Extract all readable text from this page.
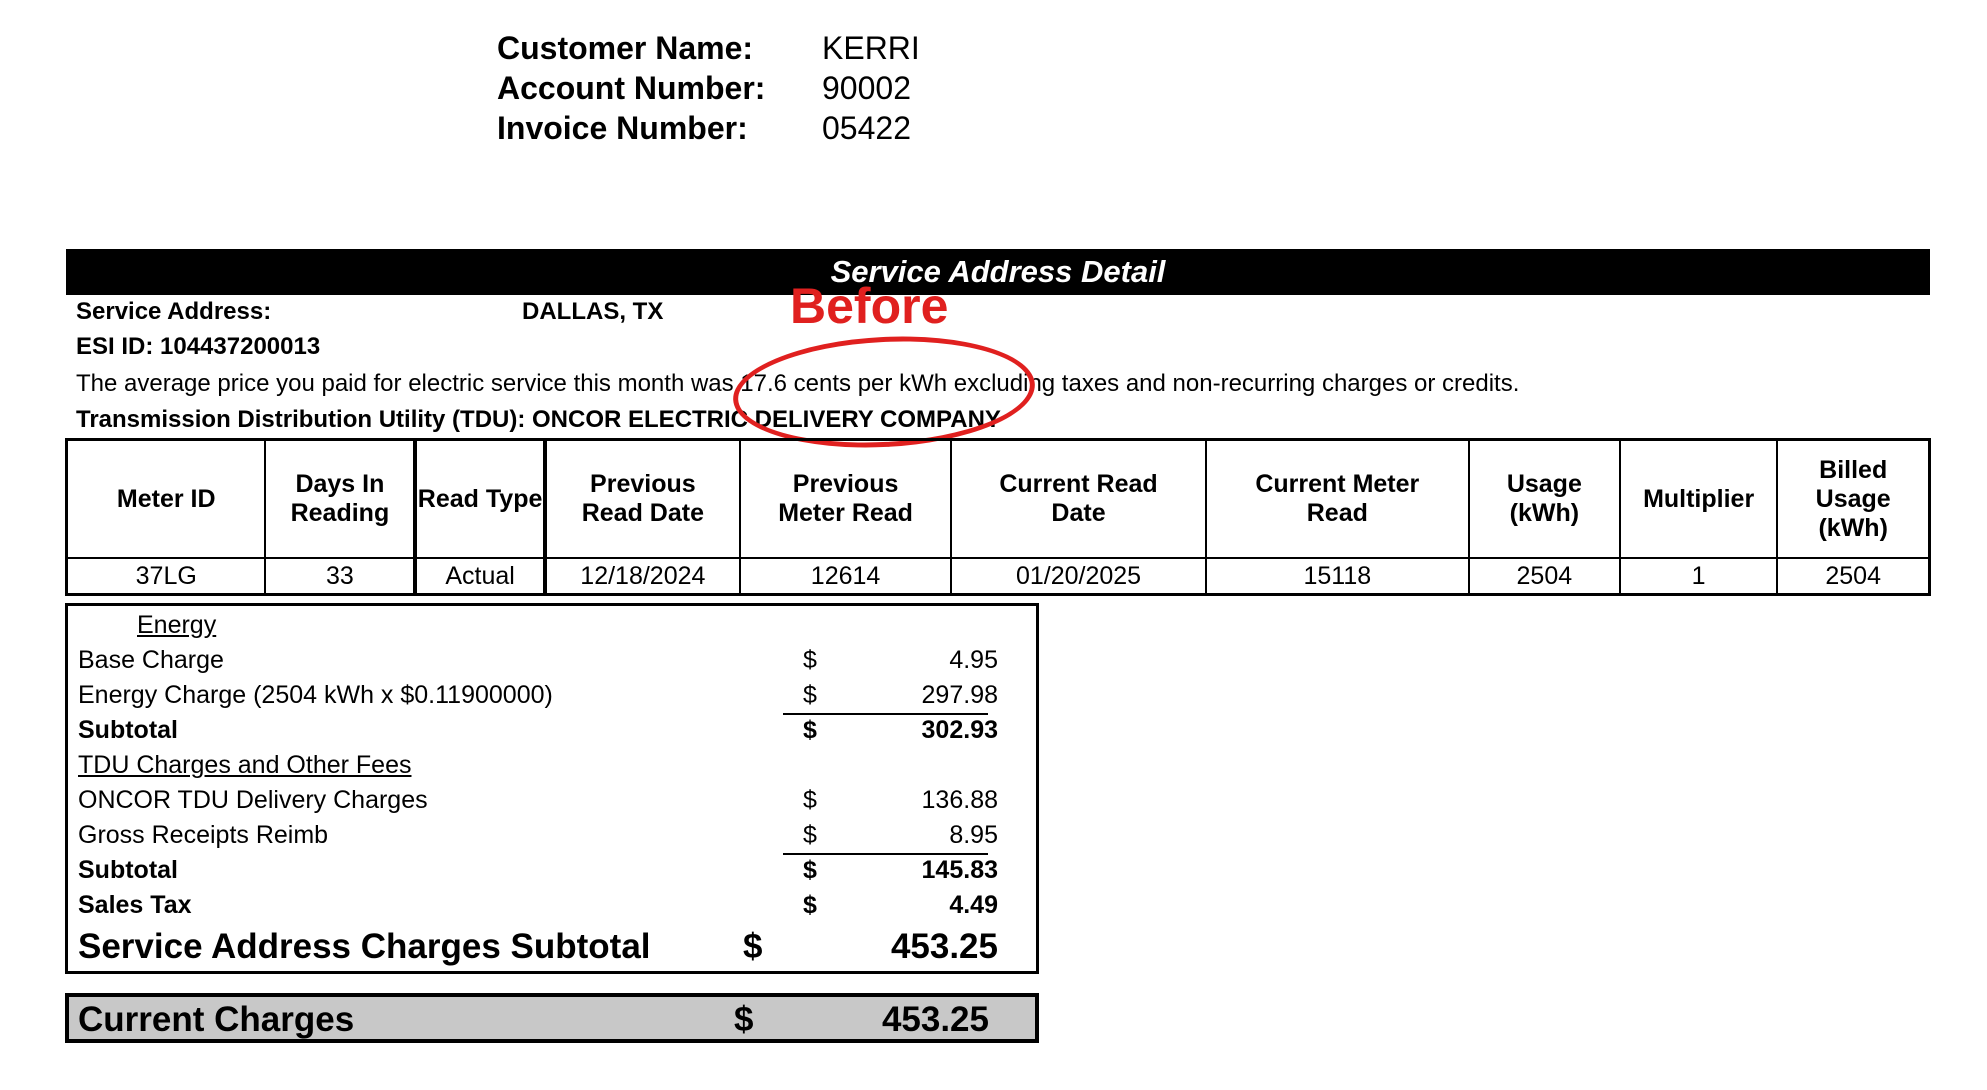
Customer Name:	KERRI
Account Number:	90002
Invoice Number:	05422
Service Address Detail
Service Address:	DALLAS, TX
ESI ID: 104437200013
The average price you paid for electric service this month was 17.6 cents per kWh excluding taxes and non-recurring charges or credits.
Transmission Distribution Utility (TDU): ONCOR ELECTRIC DELIVERY COMPANY
Before
Meter ID	Days In Reading	Read Type	Previous Read Date	Previous Meter Read	Current Read Date	Current Meter Read	Usage (kWh)	Multiplier	Billed Usage (kWh)
37LG	33	Actual	12/18/2024	12614	01/20/2025	15118	2504	1	2504
Energy
Base Charge	$	4.95
Energy Charge (2504 kWh x $0.11900000)	$	297.98
Subtotal	$	302.93
TDU Charges and Other Fees
ONCOR TDU Delivery Charges	$	136.88
Gross Receipts Reimb	$	8.95
Subtotal	$	145.83
Sales Tax	$	4.49
Service Address Charges Subtotal	$	453.25
Current Charges	$	453.25
